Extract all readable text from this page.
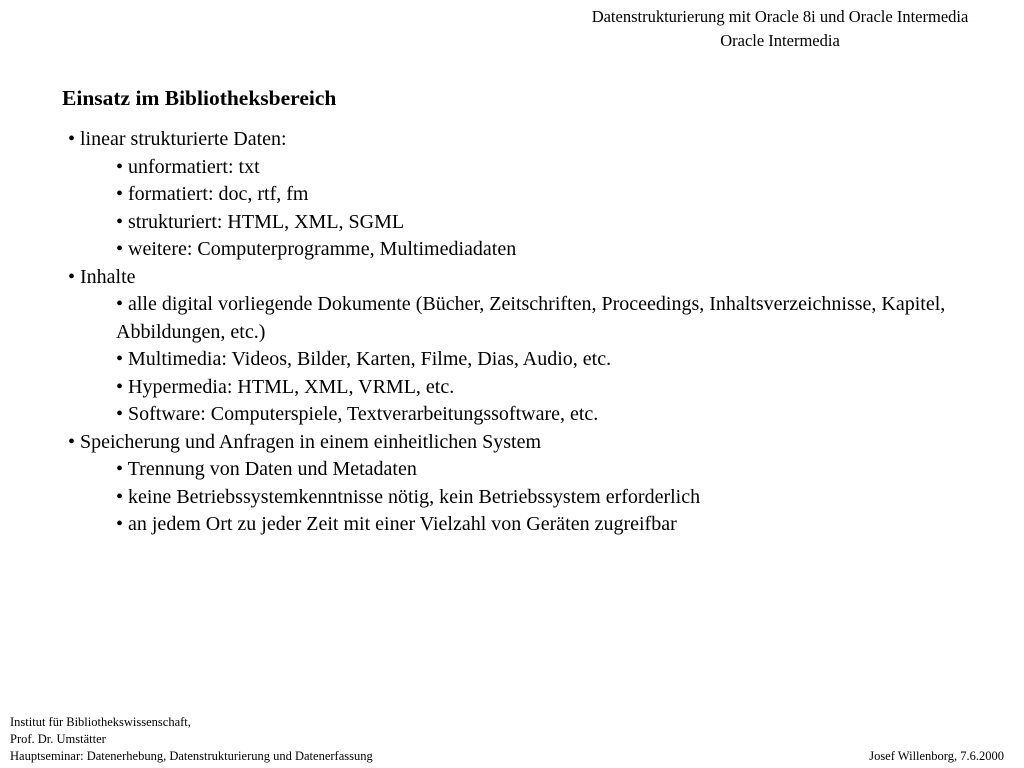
Datenstrukturierung mit Oracle 8i und Oracle Intermedia
Oracle Intermedia
Einsatz im Bibliotheksbereich
• linear strukturierte Daten:
• unformatiert: txt
• formatiert: doc, rtf, fm
• strukturiert: HTML, XML, SGML
• weitere: Computerprogramme, Multimediadaten
• Inhalte
• alle digital vorliegende Dokumente (Bücher, Zeitschriften, Proceedings, Inhaltsverzeichnisse, Kapitel, Abbildungen, etc.)
• Multimedia: Videos, Bilder, Karten, Filme, Dias, Audio, etc.
• Hypermedia: HTML, XML, VRML, etc.
• Software: Computerspiele, Textverarbeitungssoftware, etc.
• Speicherung und Anfragen in einem einheitlichen System
• Trennung von Daten und Metadaten
• keine Betriebssystemkenntnisse nötig, kein Betriebssystem erforderlich
• an jedem Ort zu jeder Zeit mit einer Vielzahl von Geräten zugreifbar
Institut für Bibliothekswissenschaft,
Prof. Dr. Umstätter
Hauptseminar: Datenerhebung, Datenstrukturierung und Datenerfassung	Josef Willenborg, 7.6.2000
